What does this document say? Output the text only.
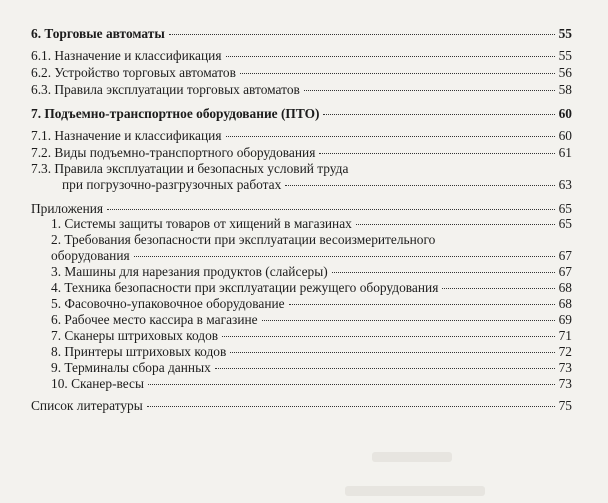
6. Торговые автоматы	55
6.1. Назначение и классификация	55
6.2. Устройство торговых автоматов	56
6.3. Правила эксплуатации торговых автоматов	58
7. Подъемно-транспортное оборудование (ПТО)	60
7.1. Назначение и классификация	60
7.2. Виды подъемно-транспортного оборудования	61
7.3. Правила эксплуатации и безопасных условий труда
при погрузочно-разгрузочных работах	63
Приложения	65
1. Системы защиты товаров от хищений в магазинах	65
2. Требования безопасности при эксплуатации весоизмерительного
оборудования	67
3. Машины для нарезания продуктов (слайсеры)	67
4. Техника безопасности при эксплуатации режущего оборудования	68
5. Фасовочно-упаковочное оборудование	68
6. Рабочее место кассира в магазине	69
7. Сканеры штриховых кодов	71
8. Принтеры штриховых кодов	72
9. Терминалы сбора данных	73
10. Сканер-весы	73
Список литературы	75
